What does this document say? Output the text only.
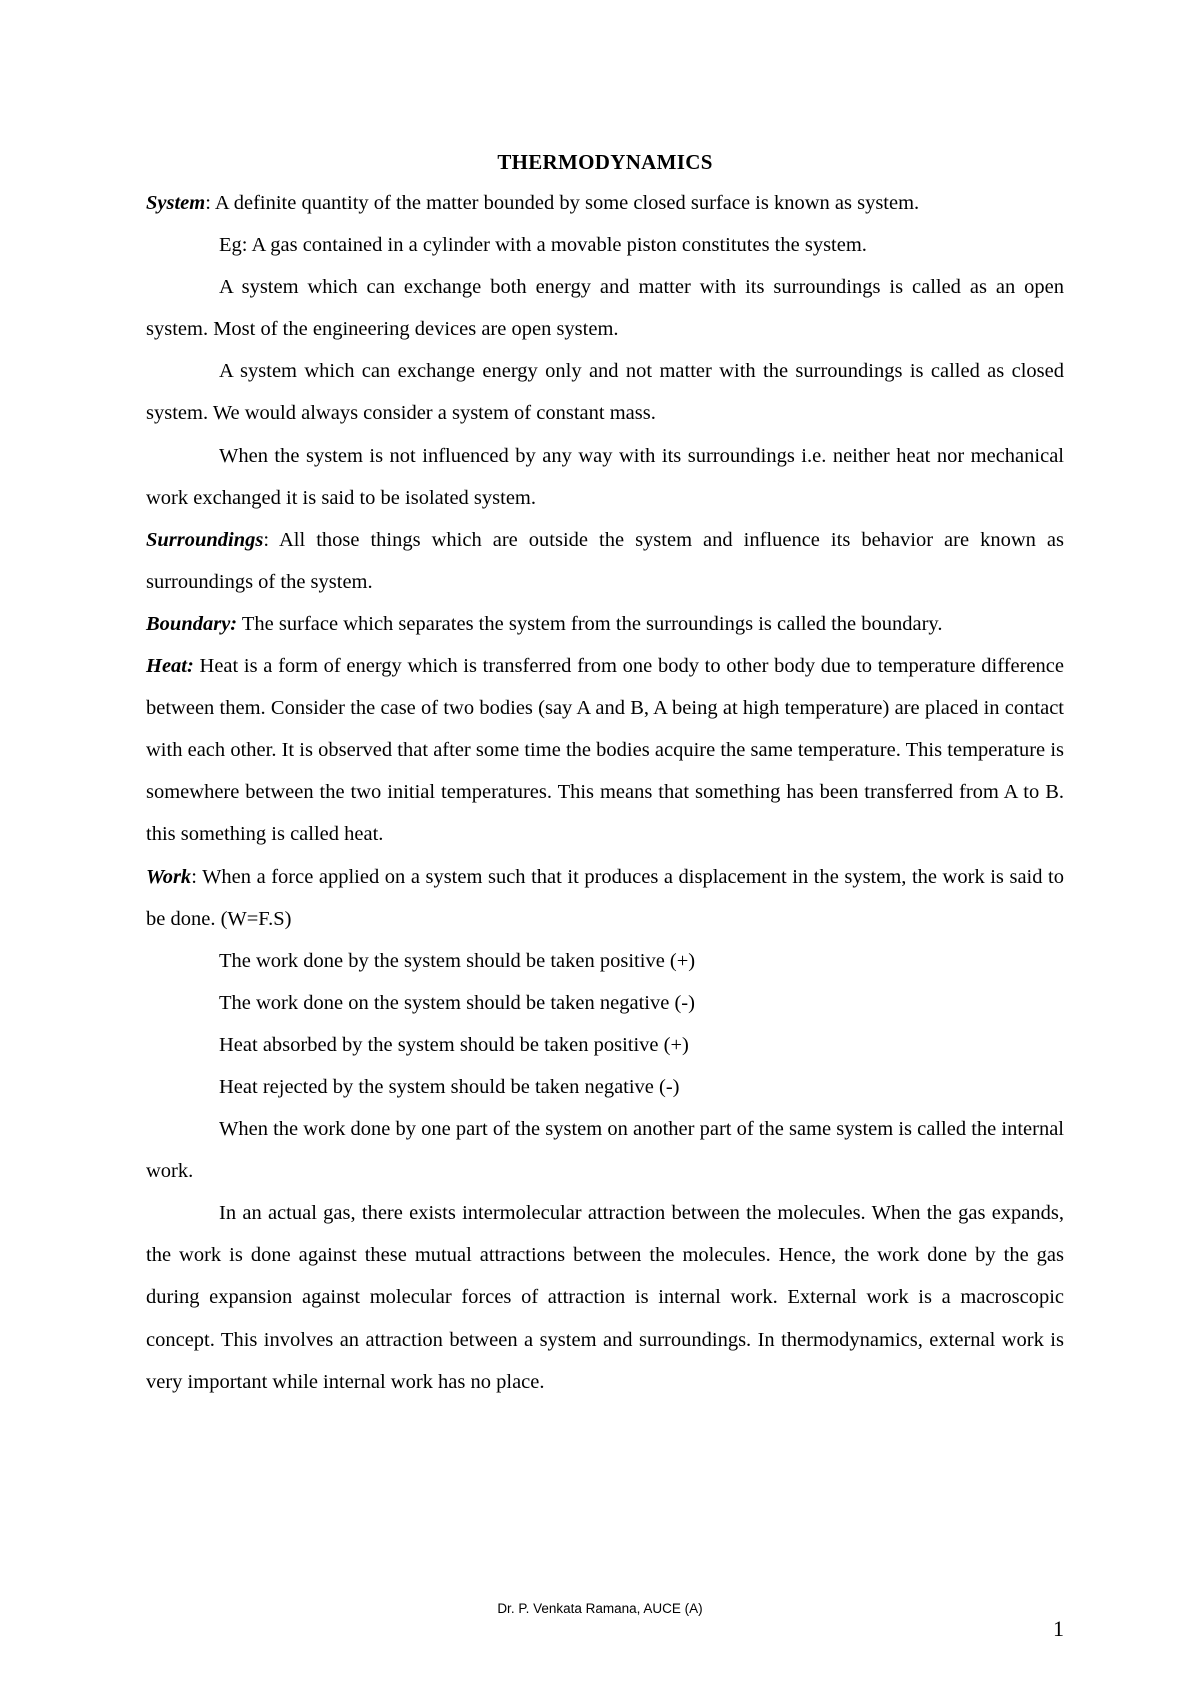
THERMODYNAMICS

System: A definite quantity of the matter bounded by some closed surface is known as system.

Eg: A gas contained in a cylinder with a movable piston constitutes the system.

A system which can exchange both energy and matter with its surroundings is called as an open system. Most of the engineering devices are open system.

A system which can exchange energy only and not matter with the surroundings is called as closed system. We would always consider a system of constant mass.

When the system is not influenced by any way with its surroundings i.e. neither heat nor mechanical work exchanged it is said to be isolated system.

Surroundings: All those things which are outside the system and influence its behavior are known as surroundings of the system.

Boundary: The surface which separates the system from the surroundings is called the boundary.

Heat: Heat is a form of energy which is transferred from one body to other body due to temperature difference between them. Consider the case of two bodies (say A and B, A being at high temperature) are placed in contact with each other. It is observed that after some time the bodies acquire the same temperature. This temperature is somewhere between the two initial temperatures. This means that something has been transferred from A to B. this something is called heat.

Work: When a force applied on a system such that it produces a displacement in the system, the work is said to be done. (W=F.S)

The work done by the system should be taken positive (+)

The work done on the system should be taken negative (-)

Heat absorbed by the system should be taken positive (+)

Heat rejected by the system should be taken negative (-)

When the work done by one part of the system on another part of the same system is called the internal work.

In an actual gas, there exists intermolecular attraction between the molecules. When the gas expands, the work is done against these mutual attractions between the molecules. Hence, the work done by the gas during expansion against molecular forces of attraction is internal work. External work is a macroscopic concept. This involves an attraction between a system and surroundings. In thermodynamics, external work is very important while internal work has no place.

Dr. P. Venkata Ramana, AUCE (A)
1
